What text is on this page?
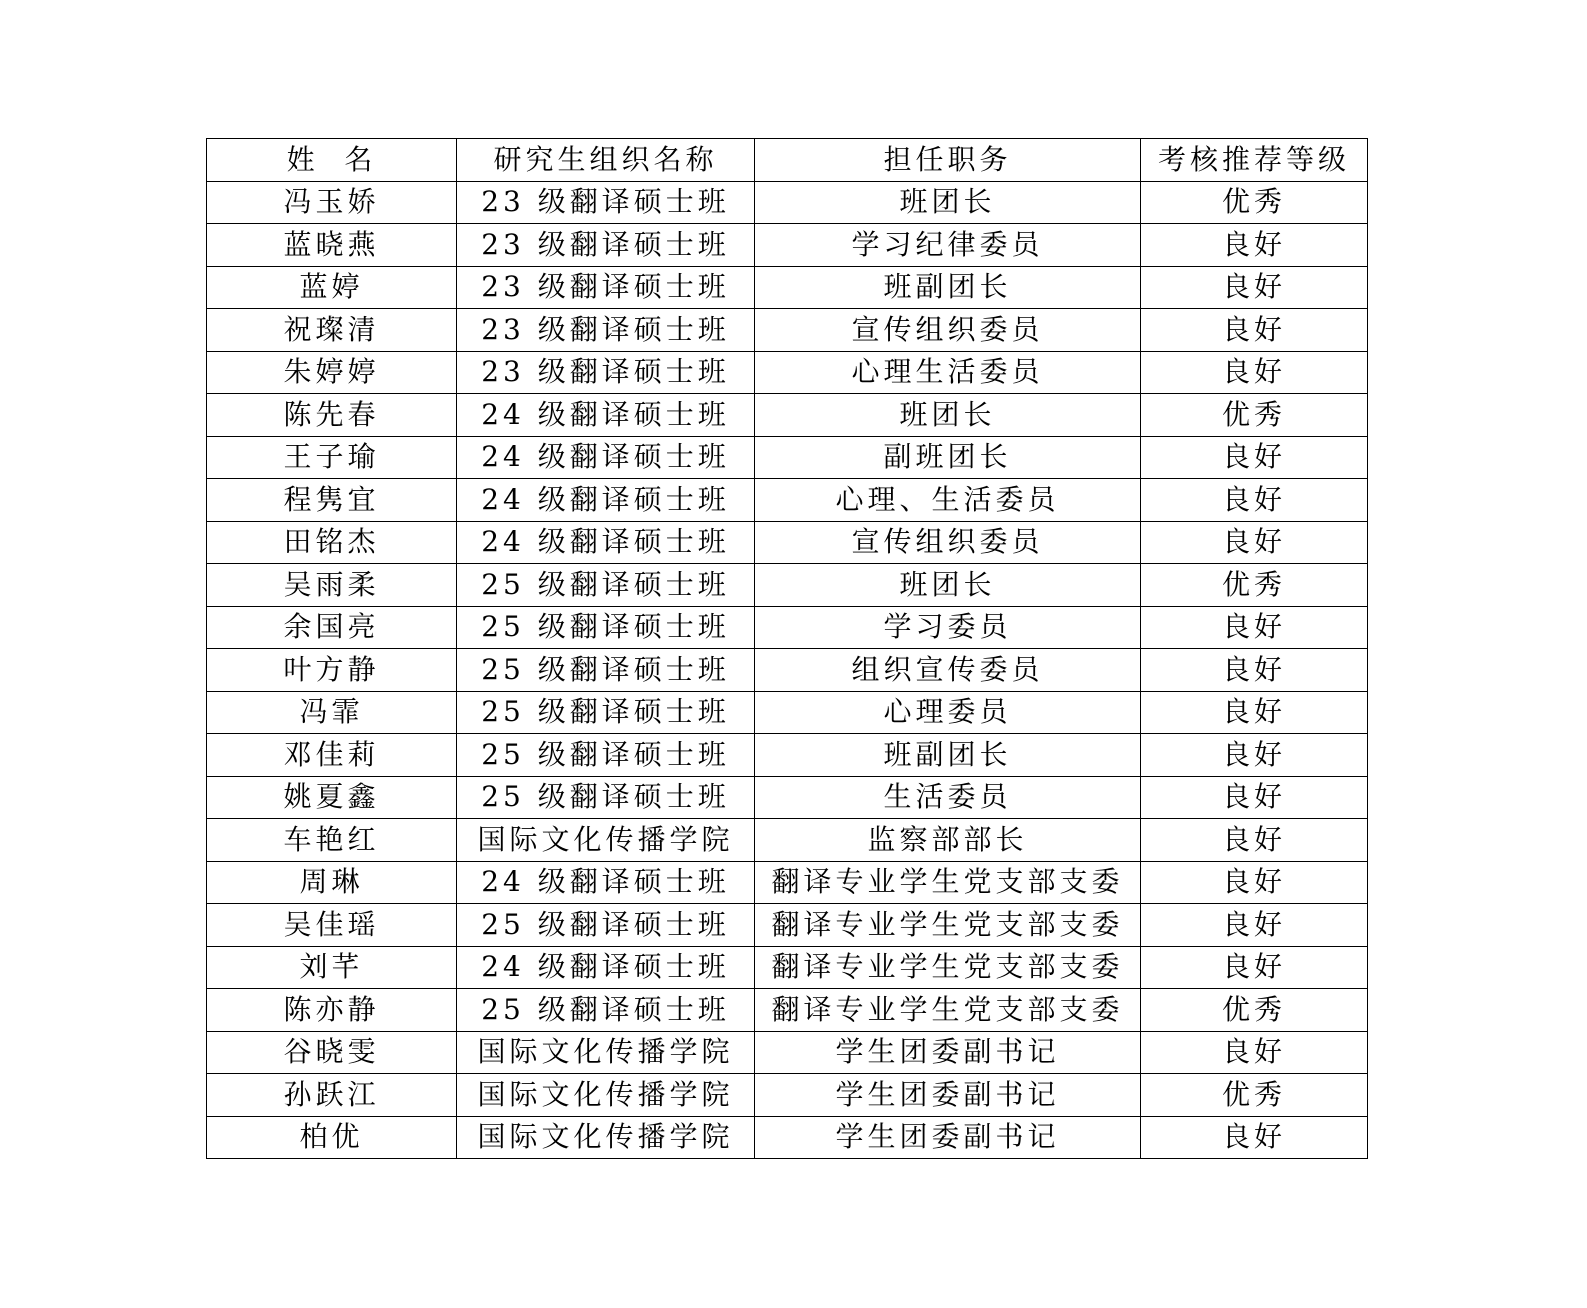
姓  名	研究生组织名称	担任职务	考核推荐等级
冯玉娇	23 级翻译硕士班	班团长	优秀
蓝晓燕	23 级翻译硕士班	学习纪律委员	良好
蓝婷	23 级翻译硕士班	班副团长	良好
祝璨清	23 级翻译硕士班	宣传组织委员	良好
朱婷婷	23 级翻译硕士班	心理生活委员	良好
陈先春	24 级翻译硕士班	班团长	优秀
王子瑜	24 级翻译硕士班	副班团长	良好
程隽宜	24 级翻译硕士班	心理、生活委员	良好
田铭杰	24 级翻译硕士班	宣传组织委员	良好
吴雨柔	25 级翻译硕士班	班团长	优秀
余国亮	25 级翻译硕士班	学习委员	良好
叶方静	25 级翻译硕士班	组织宣传委员	良好
冯霏	25 级翻译硕士班	心理委员	良好
邓佳莉	25 级翻译硕士班	班副团长	良好
姚夏鑫	25 级翻译硕士班	生活委员	良好
车艳红	国际文化传播学院	监察部部长	良好
周琳	24 级翻译硕士班	翻译专业学生党支部支委	良好
吴佳瑶	25 级翻译硕士班	翻译专业学生党支部支委	良好
刘芊	24 级翻译硕士班	翻译专业学生党支部支委	良好
陈亦静	25 级翻译硕士班	翻译专业学生党支部支委	优秀
谷晓雯	国际文化传播学院	学生团委副书记	良好
孙跃江	国际文化传播学院	学生团委副书记	优秀
柏优	国际文化传播学院	学生团委副书记	良好
